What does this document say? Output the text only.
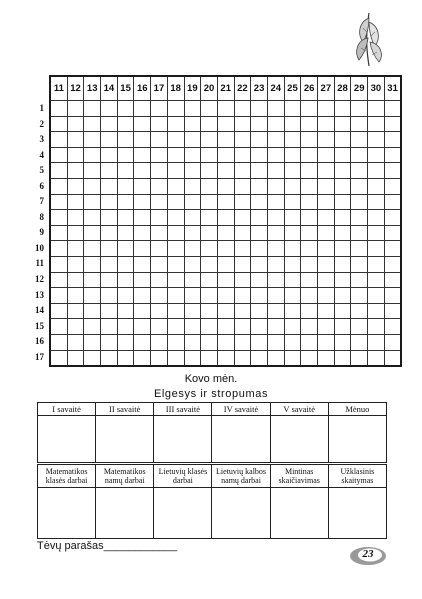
1
2
3
4
5
6
7
8
9
10
11
12
13
14
15
16
17
11	12	13	14	15	16	17	18	19	20	21	22	23	24	25	26	27	28	29	30	31

Kovo mėn.
Elgesys ir stropumas
I savaitė	II savaitė	III savaitė	IV savaitė	V savaitė	Mėnuo

Matematikos klasės darbai	Matematikos namų darbai	Lietuvių klasės darbai	Lietuvių kalbos namų darbai	Mintinas skaičiavimas	Užklasinis skaitymas

Tėvų parašas____________
23
